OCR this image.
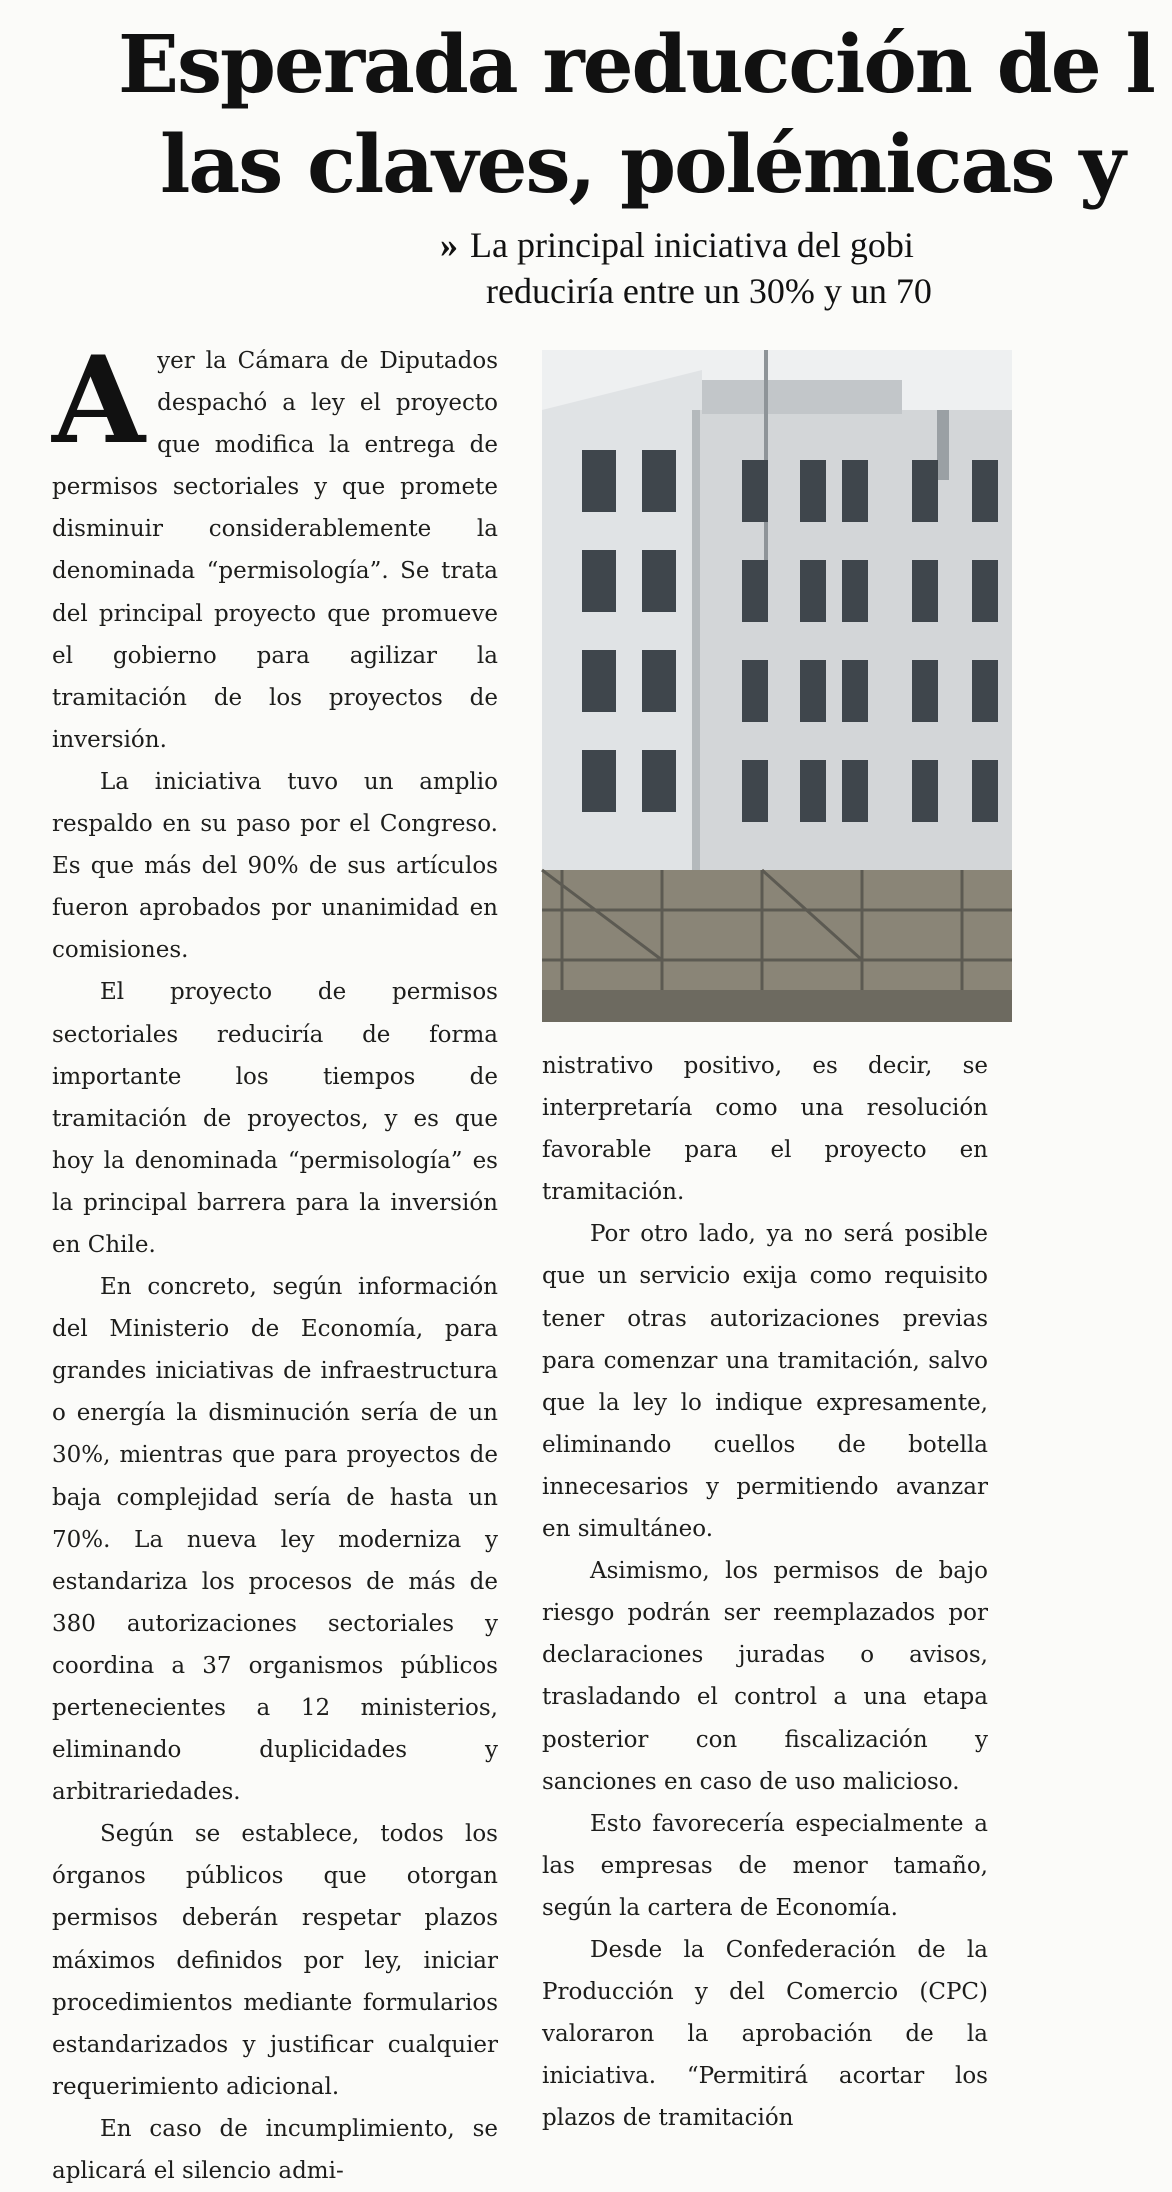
Esperada reducción de l
las claves, polémicas y
» La principal iniciativa del gobi
reduciría entre un 30% y un 70

Ayer la Cámara de Diputados despachó a ley el proyecto que modifica la entrega de permisos sectoriales y que promete disminuir considerablemente la denominada “permisología”. Se trata del principal proyecto que promueve el gobierno para agilizar la tramitación de los proyectos de inversión.

La iniciativa tuvo un amplio respaldo en su paso por el Congreso. Es que más del 90% de sus artículos fueron aprobados por unanimidad en comisiones.

El proyecto de permisos sectoriales reduciría de forma importante los tiempos de tramitación de proyectos, y es que hoy la denominada “permisología” es la principal barrera para la inversión en Chile.

En concreto, según información del Ministerio de Economía, para grandes iniciativas de infraestructura o energía la disminución sería de un 30%, mientras que para proyectos de baja complejidad sería de hasta un 70%. La nueva ley moderniza y estandariza los procesos de más de 380 autorizaciones sectoriales y coordina a 37 organismos públicos pertenecientes a 12 ministerios, eliminando duplicidades y arbitrariedades.

Según se establece, todos los órganos públicos que otorgan permisos deberán respetar plazos máximos definidos por ley, iniciar procedimientos mediante formularios estandarizados y justificar cualquier requerimiento adicional.

En caso de incumplimiento, se aplicará el silencio admi-

nistrativo positivo, es decir, se interpretaría como una resolución favorable para el proyecto en tramitación.

Por otro lado, ya no será posible que un servicio exija como requisito tener otras autorizaciones previas para comenzar una tramitación, salvo que la ley lo indique expresamente, eliminando cuellos de botella innecesarios y permitiendo avanzar en simultáneo.

Asimismo, los permisos de bajo riesgo podrán ser reemplazados por declaraciones juradas o avisos, trasladando el control a una etapa posterior con fiscalización y sanciones en caso de uso malicioso.

Esto favorecería especialmente a las empresas de menor tamaño, según la cartera de Economía.

Desde la Confederación de la Producción y del Comercio (CPC) valoraron la aprobación de la iniciativa. “Permitirá acortar los plazos de tramitación
